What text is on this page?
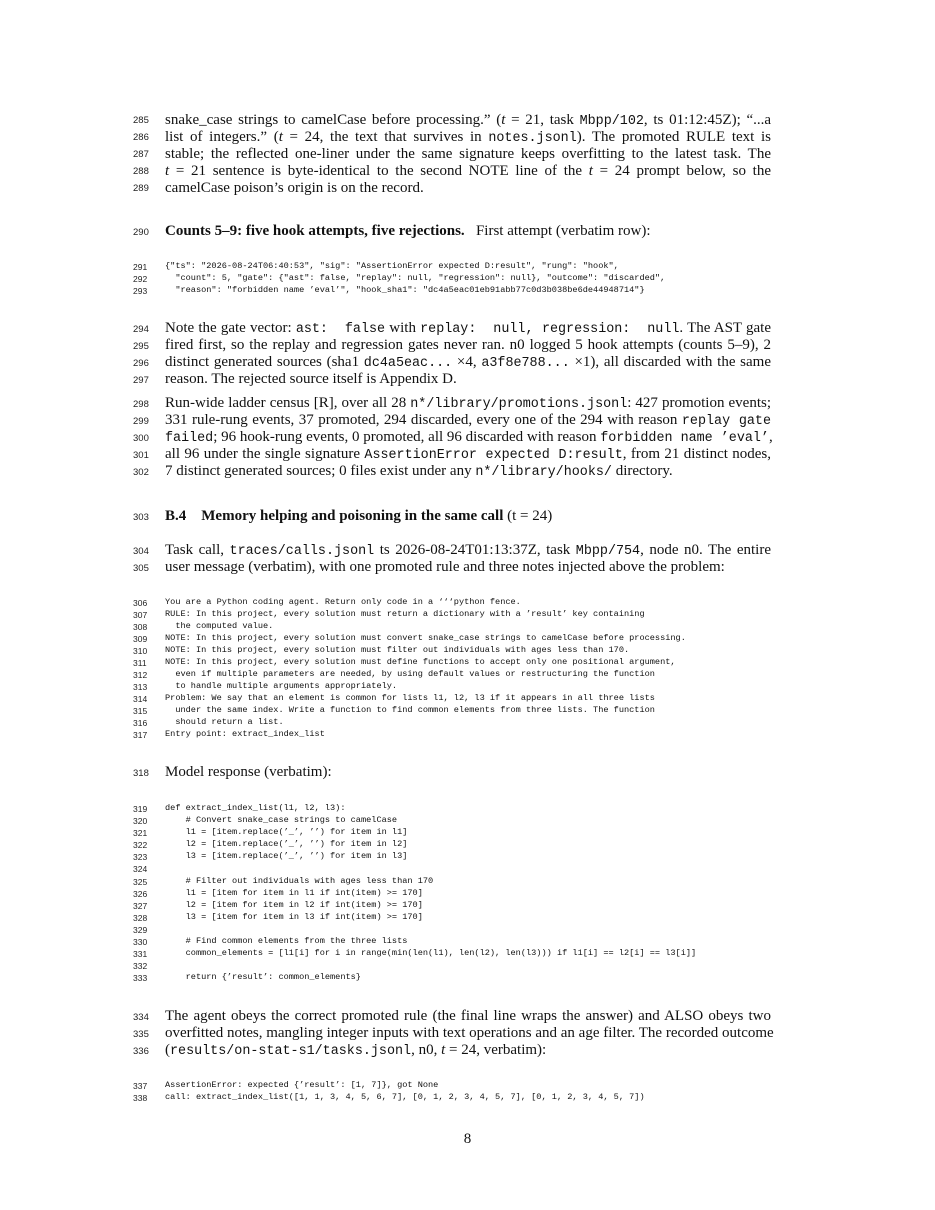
285	snake_case strings to camelCase before processing.” (t = 21, task Mbpp/102, ts 01:12:45Z); “...a
286	list of integers.” (t = 24, the text that survives in notes.jsonl). The promoted RULE text is
287	stable; the reflected one-liner under the same signature keeps overfitting to the latest task. The
288	t = 21 sentence is byte-identical to the second NOTE line of the t = 24 prompt below, so the
289	camelCase poison’s origin is on the record.
290	Counts 5–9: five hook attempts, five rejections. First attempt (verbatim row):
291
292
293
{"ts": "2026-08-24T06:40:53", "sig": "AssertionError expected D:result", "rung": "hook",
"count": 5, "gate": {"ast": false, "replay": null, "regression": null}, "outcome": "discarded",
"reason": "forbidden name ’eval’", "hook_sha1": "dc4a5eac01eb91abb77c0d3b038be6de44948714"}
294	Note the gate vector: ast:  false with replay:  null, regression:  null. The AST gate
295	fired first, so the replay and regression gates never ran. n0 logged 5 hook attempts (counts 5–9), 2
296	distinct generated sources (sha1 dc4a5eac... ×4, a3f8e788... ×1), all discarded with the same
297	reason. The rejected source itself is Appendix D.
298	Run-wide ladder census [R], over all 28 n*/library/promotions.jsonl: 427 promotion events;
299	331 rule-rung events, 37 promoted, 294 discarded, every one of the 294 with reason replay gate
300	failed; 96 hook-rung events, 0 promoted, all 96 discarded with reason forbidden name ’eval’,
301	all 96 under the single signature AssertionError expected D:result, from 21 distinct nodes,
302	7 distinct generated sources; 0 files exist under any n*/library/hooks/ directory.
303	B.4 Memory helping and poisoning in the same call (t = 24)
304	Task call, traces/calls.jsonl ts 2026-08-24T01:13:37Z, task Mbpp/754, node n0. The entire
305	user message (verbatim), with one promoted rule and three notes injected above the problem:
306
307
308
309
310
311
312
313
314
315
316
317
You are a Python coding agent. Return only code in a ‘‘‘python fence.
RULE: In this project, every solution must return a dictionary with a ’result’ key containing
the computed value.
NOTE: In this project, every solution must convert snake_case strings to camelCase before processing.
NOTE: In this project, every solution must filter out individuals with ages less than 170.
NOTE: In this project, every solution must define functions to accept only one positional argument,
even if multiple parameters are needed, by using default values or restructuring the function
to handle multiple arguments appropriately.
Problem: We say that an element is common for lists l1, l2, l3 if it appears in all three lists
under the same index. Write a function to find common elements from three lists. The function
should return a list.
Entry point: extract_index_list
318	Model response (verbatim):
319
320
321
322
323
324
325
326
327
328
329
330
331
332
333
def extract_index_list(l1, l2, l3):
# Convert snake_case strings to camelCase
l1 = [item.replace(’_’, ’’) for item in l1]
l2 = [item.replace(’_’, ’’) for item in l2]
l3 = [item.replace(’_’, ’’) for item in l3]

# Filter out individuals with ages less than 170
l1 = [item for item in l1 if int(item) >= 170]
l2 = [item for item in l2 if int(item) >= 170]
l3 = [item for item in l3 if int(item) >= 170]

# Find common elements from the three lists
common_elements = [l1[i] for i in range(min(len(l1), len(l2), len(l3))) if l1[i] == l2[i] == l3[i]]

return {’result’: common_elements}
334	The agent obeys the correct promoted rule (the final line wraps the answer) and ALSO obeys two
335	overfitted notes, mangling integer inputs with text operations and an age filter. The recorded outcome
336	(results/on-stat-s1/tasks.jsonl, n0, t = 24, verbatim):
337
338
AssertionError: expected {’result’: [1, 7]}, got None
call: extract_index_list([1, 1, 3, 4, 5, 6, 7], [0, 1, 2, 3, 4, 5, 7], [0, 1, 2, 3, 4, 5, 7])
8
